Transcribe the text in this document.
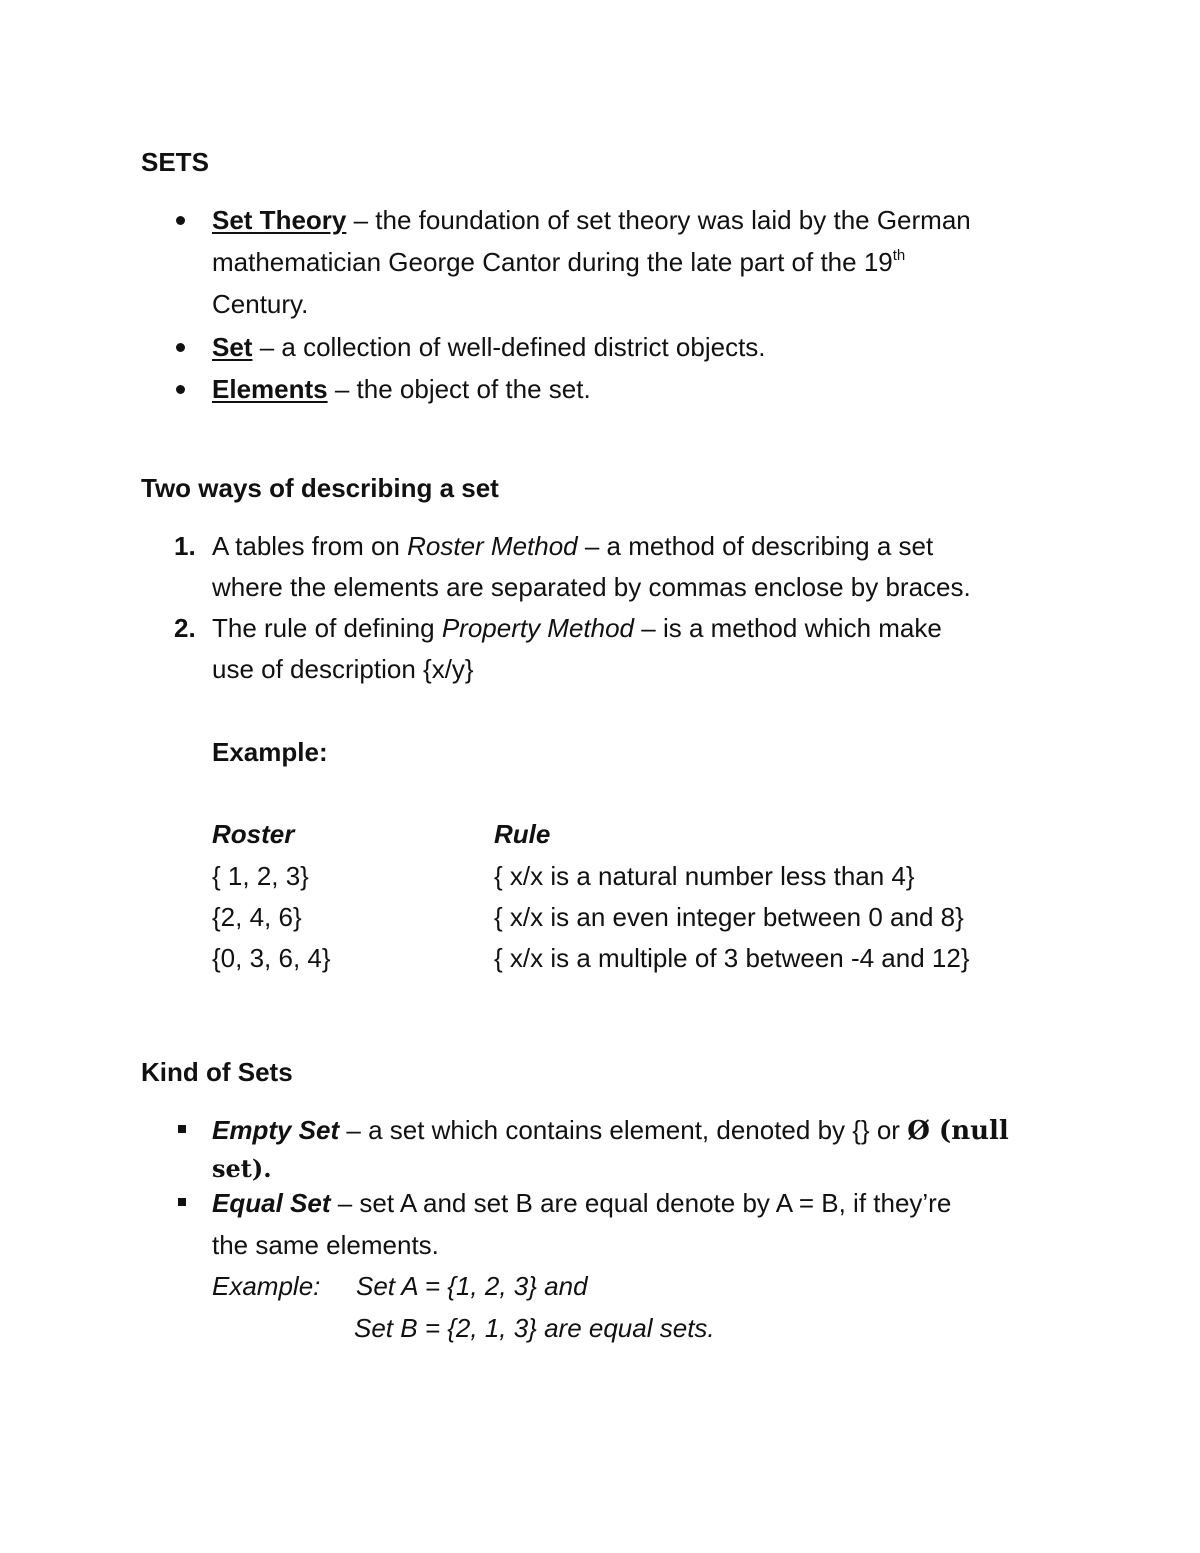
SETS
Set Theory – the foundation of set theory was laid by the German
mathematician George Cantor during the late part of the 19th
Century.
Set – a collection of well-defined district objects.
Elements – the object of the set.
Two ways of describing a set
1. A tables from on Roster Method – a method of describing a set
where the elements are separated by commas enclose by braces.
2. The rule of defining Property Method – is a method which make
use of description {x/y}
Example:
Roster	Rule
{ 1, 2, 3}	{ x/x is a natural number less than 4}
{2, 4, 6}	{ x/x is an even integer between 0 and 8}
{0, 3, 6, 4}	{ x/x is a multiple of 3 between -4 and 12}
Kind of Sets
Empty Set – a set which contains element, denoted by {} or Ø (null
set).
Equal Set – set A and set B are equal denote by A = B, if they’re
the same elements.
Example: Set A = {1, 2, 3} and
Set B = {2, 1, 3} are equal sets.
